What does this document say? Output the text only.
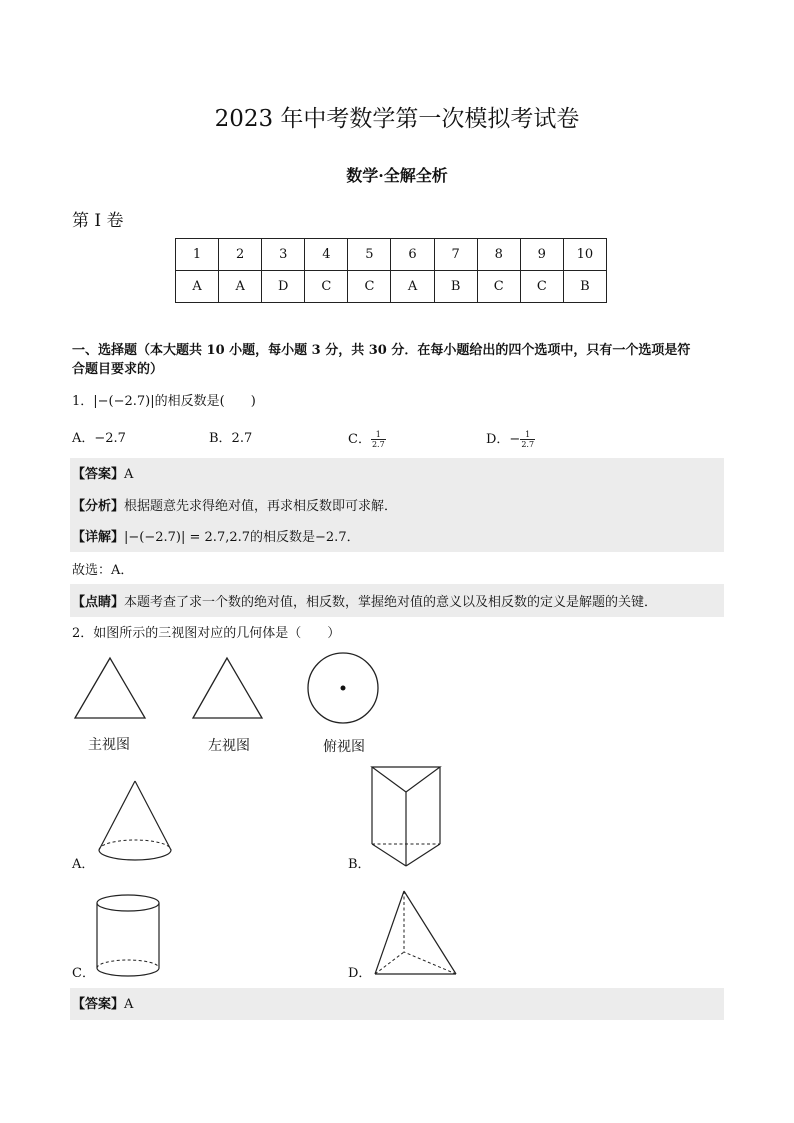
2023 年中考数学第一次模拟考试卷
数学·全解全析
第 I 卷
1	2	3	4	5	6	7	8	9	10
A	A	D	C	C	A	B	C	C	B
一、选择题（本大题共 10 小题，每小题 3 分，共 30 分．在每小题给出的四个选项中，只有一个选项是符
合题目要求的）
1．|−(−2.7)|的相反数是(　　)
A．−2.7	B．2.7	C． $\frac{1}{2.7}$	D．− $\frac{1}{2.7}$
【答案】A
【分析】根据题意先求得绝对值，再求相反数即可求解．
【详解】|−(−2.7)| = 2.7,2.7的相反数是−2.7．
故选：A．
【点睛】本题考查了求一个数的绝对值，相反数，掌握绝对值的意义以及相反数的定义是解题的关键．
2．如图所示的三视图对应的几何体是（　　）
主视图	左视图	俯视图
A．	B．
C．	D．
【答案】A
